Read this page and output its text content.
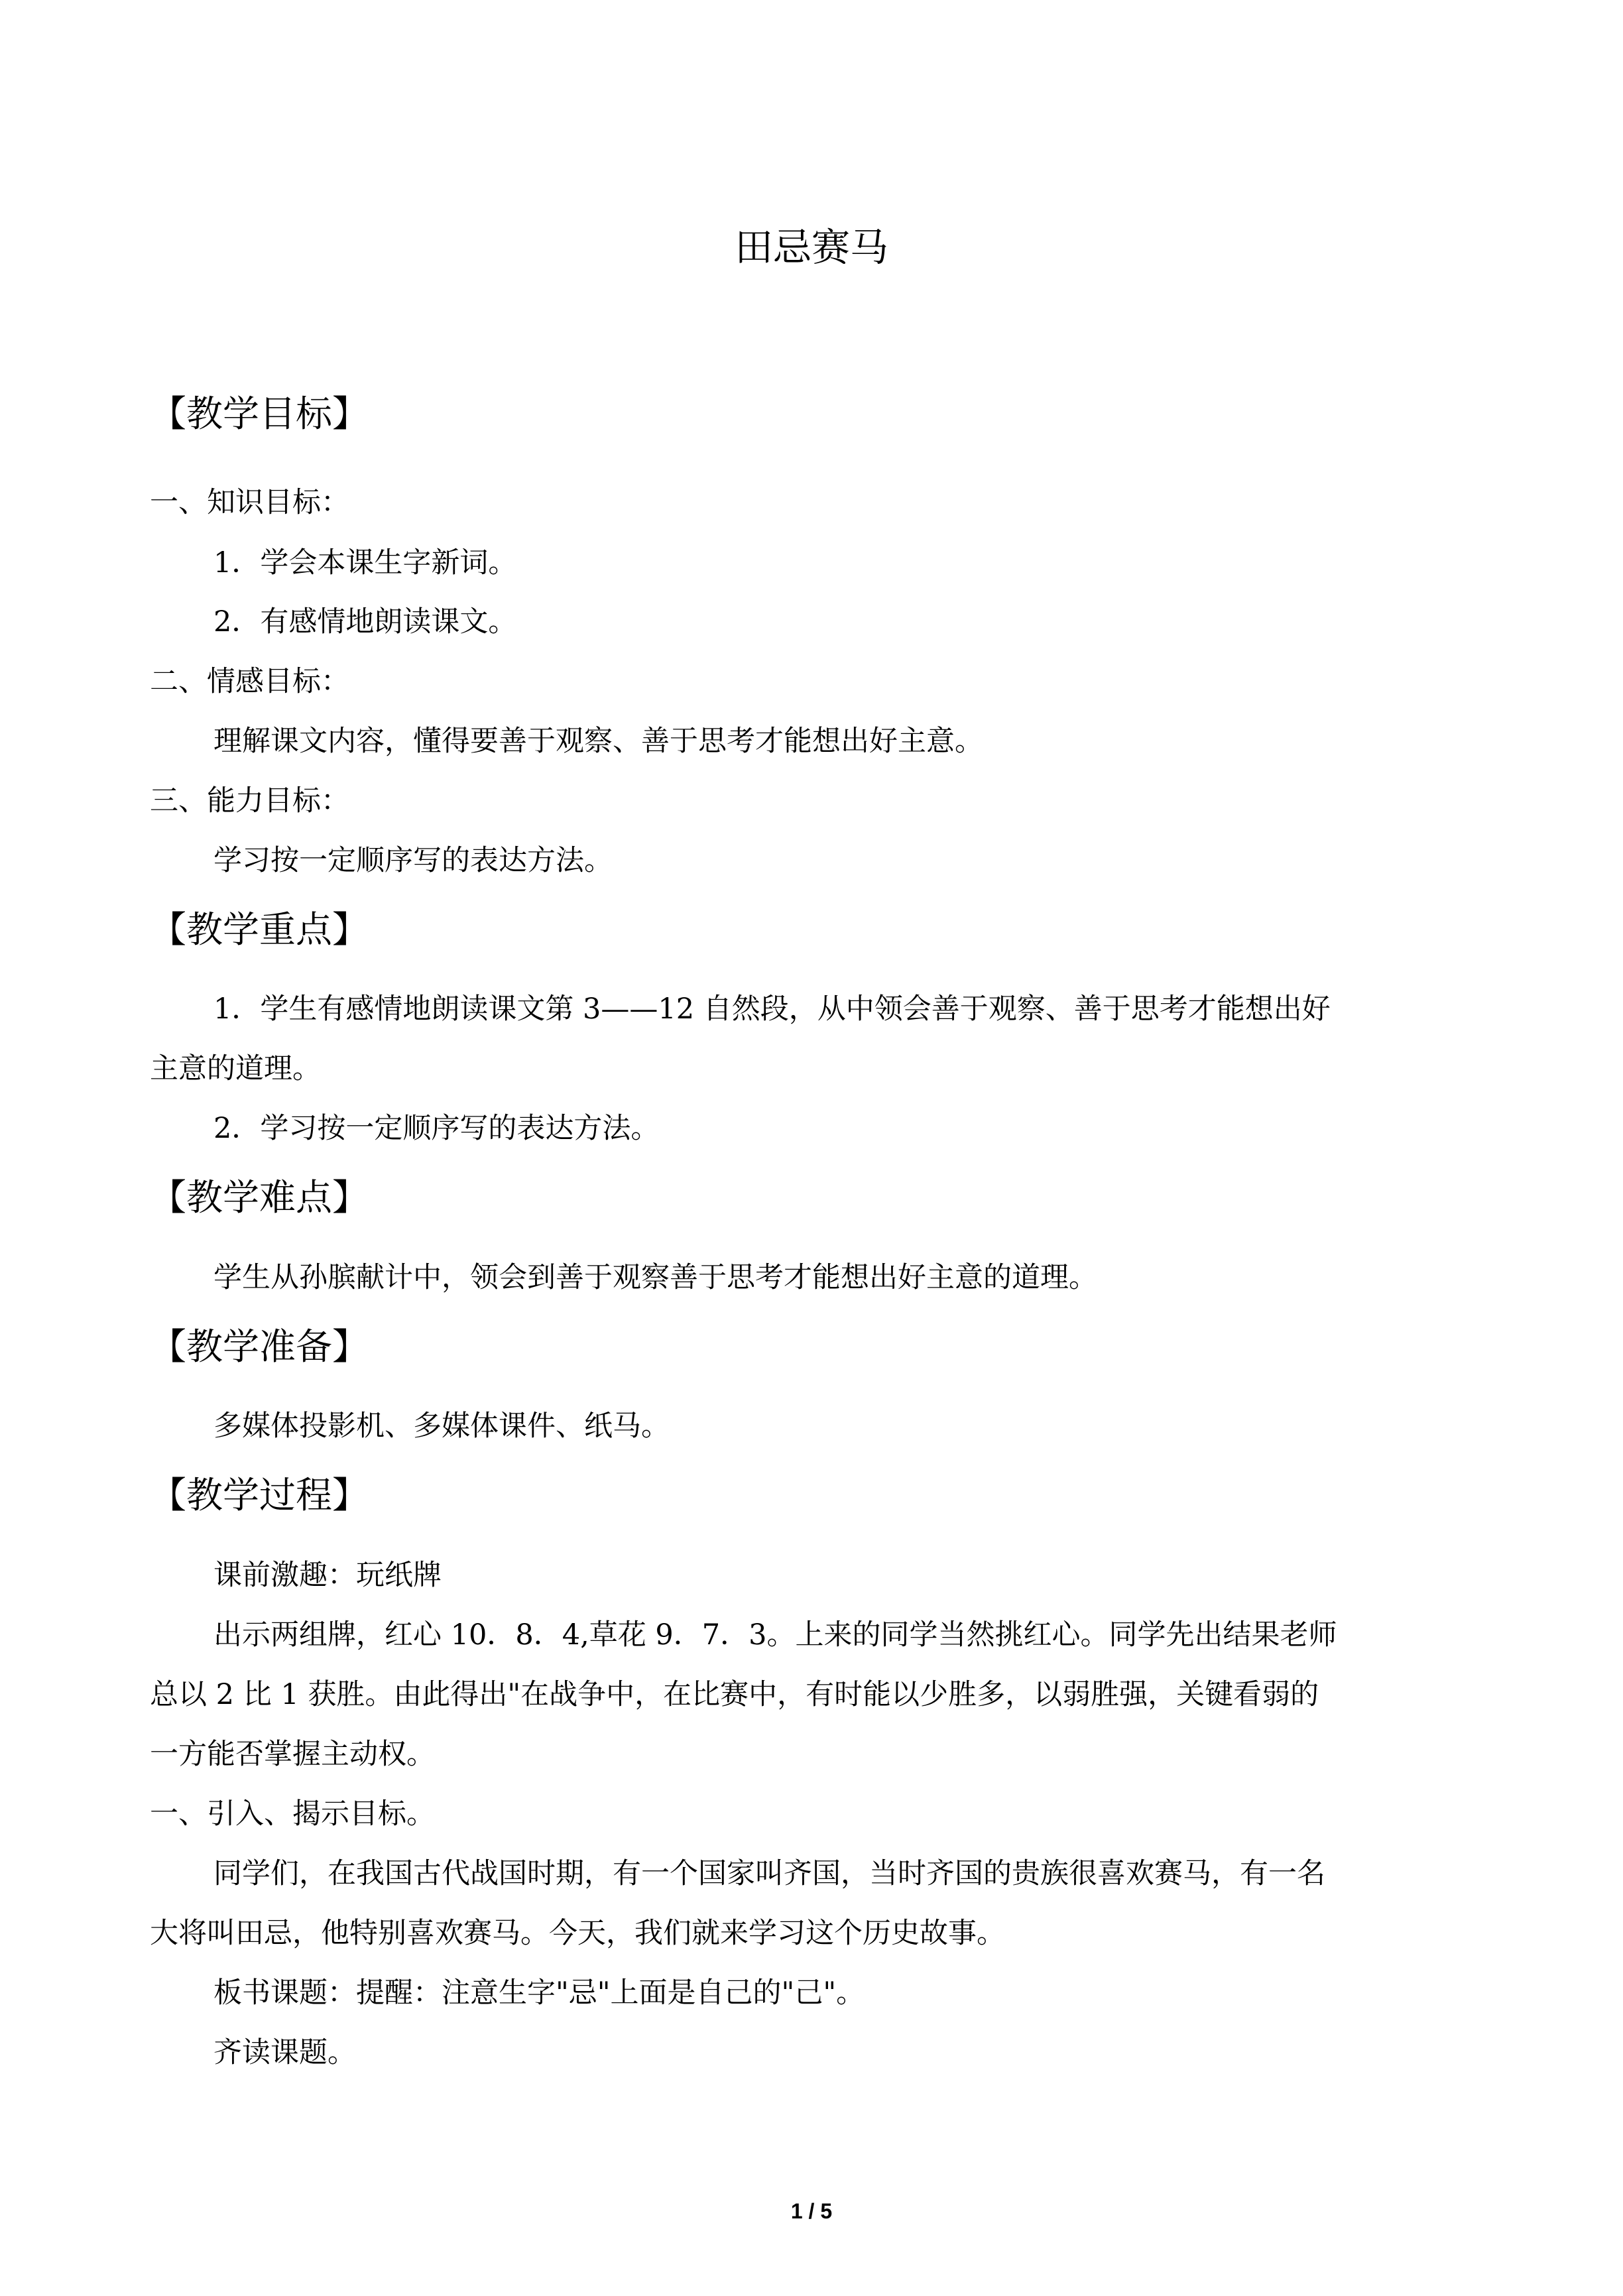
田忌赛马
【教学目标】
一、知识目标：
1．学会本课生字新词。
2．有感情地朗读课文。
二、情感目标：
理解课文内容，懂得要善于观察、善于思考才能想出好主意。
三、能力目标：
学习按一定顺序写的表达方法。
【教学重点】
1．学生有感情地朗读课文第 3——12 自然段，从中领会善于观察、善于思考才能想出好
主意的道理。
2．学习按一定顺序写的表达方法。
【教学难点】
学生从孙膑献计中，领会到善于观察善于思考才能想出好主意的道理。
【教学准备】
多媒体投影机、多媒体课件、纸马。
【教学过程】
课前激趣：玩纸牌
出示两组牌，红心 10．8．4,草花 9．7．3。上来的同学当然挑红心。同学先出结果老师
总以 2 比 1 获胜。由此得出"在战争中，在比赛中，有时能以少胜多，以弱胜强，关键看弱的
一方能否掌握主动权。
一、引入、揭示目标。
同学们，在我国古代战国时期，有一个国家叫齐国，当时齐国的贵族很喜欢赛马，有一名
大将叫田忌，他特别喜欢赛马。今天，我们就来学习这个历史故事。
板书课题：提醒：注意生字"忌"上面是自己的"己"。
齐读课题。
1 / 5
